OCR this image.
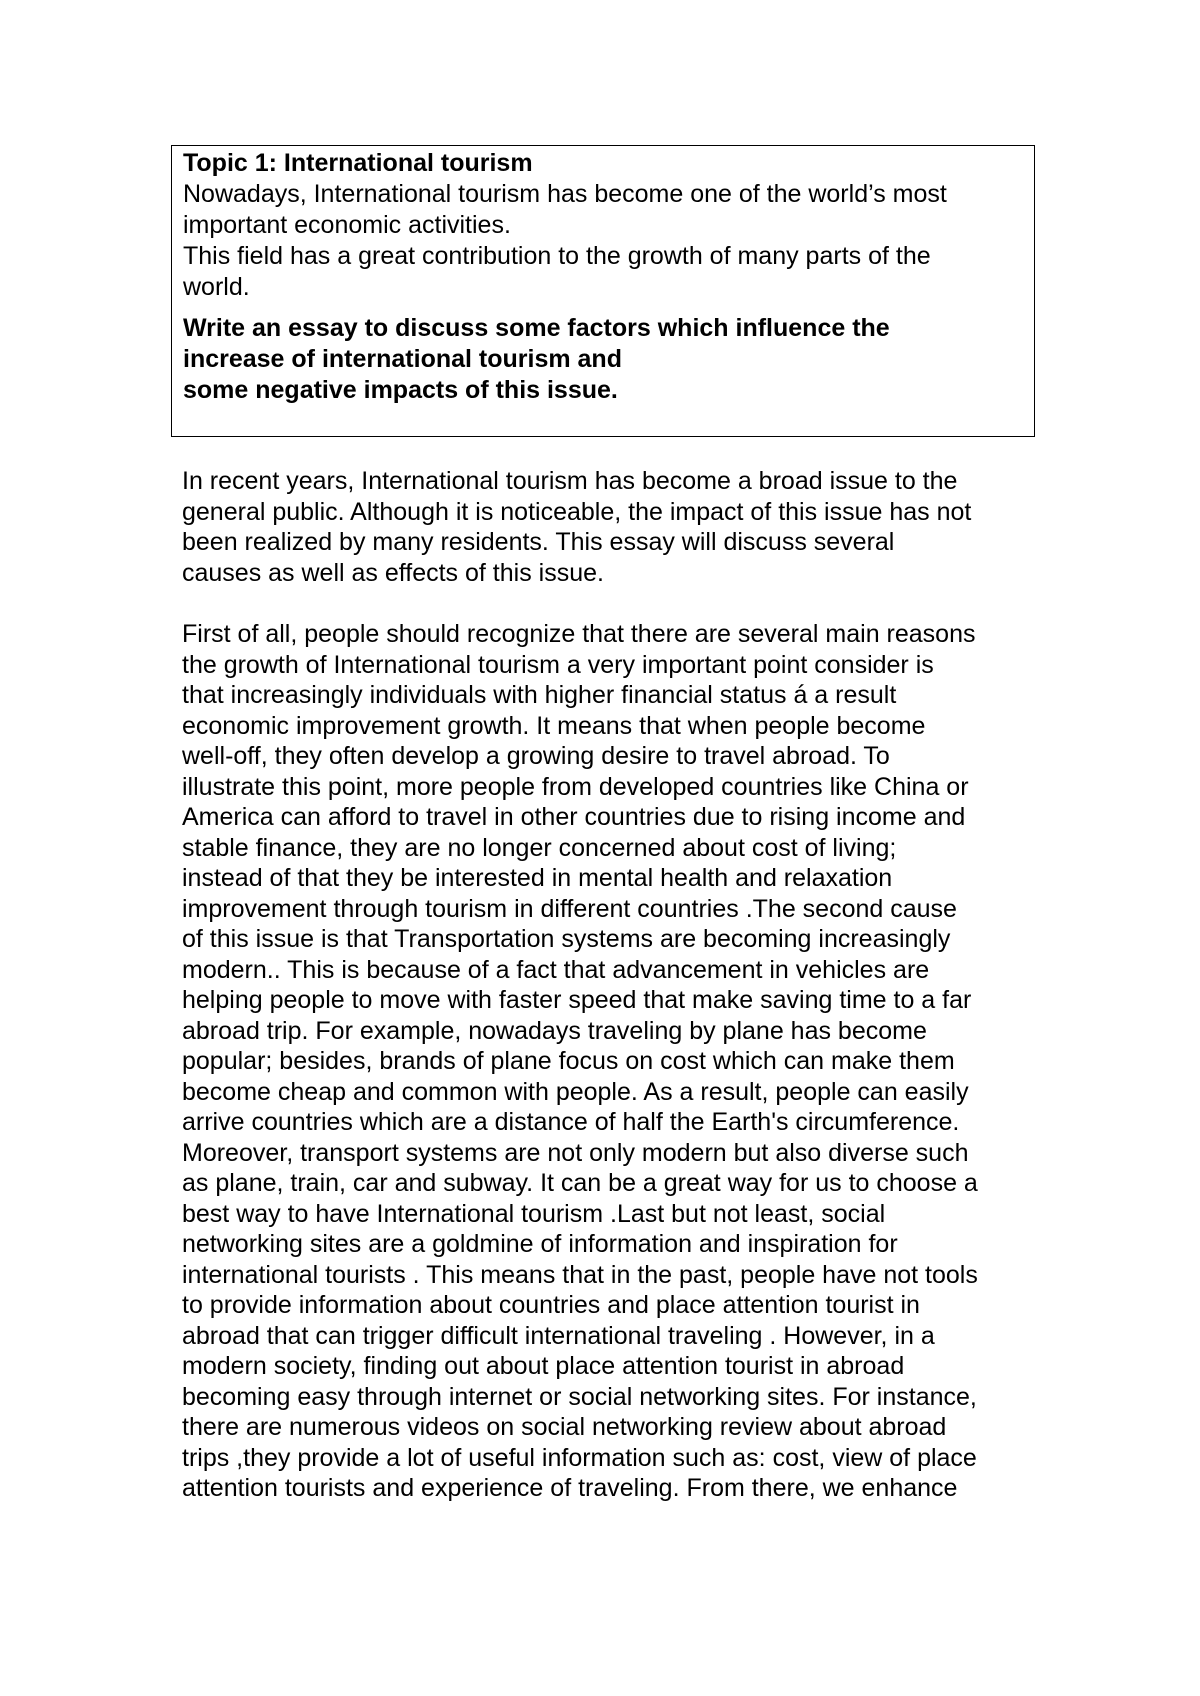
Topic 1: International tourism

Nowadays, International tourism has become one of the world’s most
important economic activities.
This field has a great contribution to the growth of many parts of the
world.

Write an essay to discuss some factors which influence the
increase of international tourism and
some negative impacts of this issue.

In recent years, International tourism has become a broad issue to the
general public. Although it is noticeable, the impact of this issue has not
been realized by many residents. This essay will discuss several
causes as well as effects of this issue.

First of all, people should recognize that there are several main reasons
the growth of International tourism a very important point consider is
that increasingly individuals with higher financial status á a result
economic improvement growth. It means that when people become
well-off, they often develop a growing desire to travel abroad. To
illustrate this point, more people from developed countries like China or
America can afford to travel in other countries due to rising income and
stable finance, they are no longer concerned about cost of living;
instead of that they be interested in mental health and relaxation
improvement through tourism in different countries .The second cause
of this issue is that Transportation systems are becoming increasingly
modern.. This is because of a fact that advancement in vehicles are
helping people to move with faster speed that make saving time to a far
abroad trip. For example, nowadays traveling by plane has become
popular; besides, brands of plane focus on cost which can make them
become cheap and common with people. As a result, people can easily
arrive countries which are a distance of half the Earth's circumference.
Moreover, transport systems are not only modern but also diverse such
as plane, train, car and subway. It can be a great way for us to choose a
best way to have International tourism .Last but not least, social
networking sites are a goldmine of information and inspiration for
international tourists . This means that in the past, people have not tools
to provide information about countries and place attention tourist in
abroad that can trigger difficult international traveling . However, in a
modern society, finding out about place attention tourist in abroad
becoming easy through internet or social networking sites. For instance,
there are numerous videos on social networking review about abroad
trips ,they provide a lot of useful information such as: cost, view of place
attention tourists and experience of traveling. From there, we enhance
